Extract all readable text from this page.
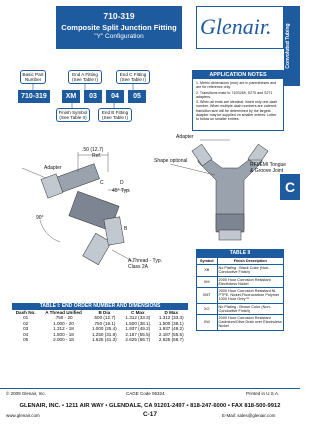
710-319
Composite Split Junction Fitting
"Y" Configuration	Glenair.	Convoluted Tubing
C
Basic Part Number
End A Fitting (See Table I)
End C Fitting (See Table I)
710-319	XM	03	04	05
Finish Symbol (See Table II)
End B Fitting (See Table I)
APPLICATION NOTES

1. Metric dimensions (mm) are in parentheses and are for reference only.

2. Transitions mate to 710S269, S270 and S271 adapters.

3. When all ends are identical, insert only one dash number. When multiple dash numbers are ordered, transition size will be determined by the largest. Adapter may be supplied on smaller entries. Letter to follow on smaller entries.

Adapter
Adapter
.50 (12.7)
Ref.
45° Typ.
90°
Shape optional
RFI/EMI Tongue & Groove Joint
A Thread - Typ. Class 2A
B
C	D
TABLE I: END ORDER NUMBER AND DIMENSIONS
Dash No.	A Thread Unified	B Dia	C Max	D Max
01	.750 - 20	.500 (12.7)	1.312 (33.3)	1.312 (33.3)
02	1.000 - 20	.750 (19.1)	1.500 (38.1)	1.500 (38.1)
03	1.312 - 18	1.000 (25.4)	1.937 (49.2)	1.937 (49.2)
04	1.500 - 18	1.250 (31.8)	2.187 (55.5)	2.187 (55.5)
05	2.000 - 18	1.625 (41.3)	2.625 (66.7)	2.625 (66.7)
TABLE II
Symbol	Finish Description
XB	No Plating - Black Color (Non-Conductive Finish)
XM	2000 Hour Corrosion Resistant Electroless Nickel
XMT	2000 Hour Corrosion Resistant Ni-PTFE, Nickel-Fluorocarbon Polymer 1000 Hour Grey™
XO	No Plating - Brown Color (Non-Conductive Finish)
XW	2000 Hour Corrosion Resistant Cadmium/Olive Drab over Electroless Nickel
© 2009 Glenair, Inc.	CAGE Code 06324	Printed in U.S.A.
GLENAIR, INC. • 1211 AIR WAY • GLENDALE, CA 91201-2497 • 818-247-6000 • FAX 818-500-9912
www.glenair.com	C-17	E-Mail: sales@glenair.com
